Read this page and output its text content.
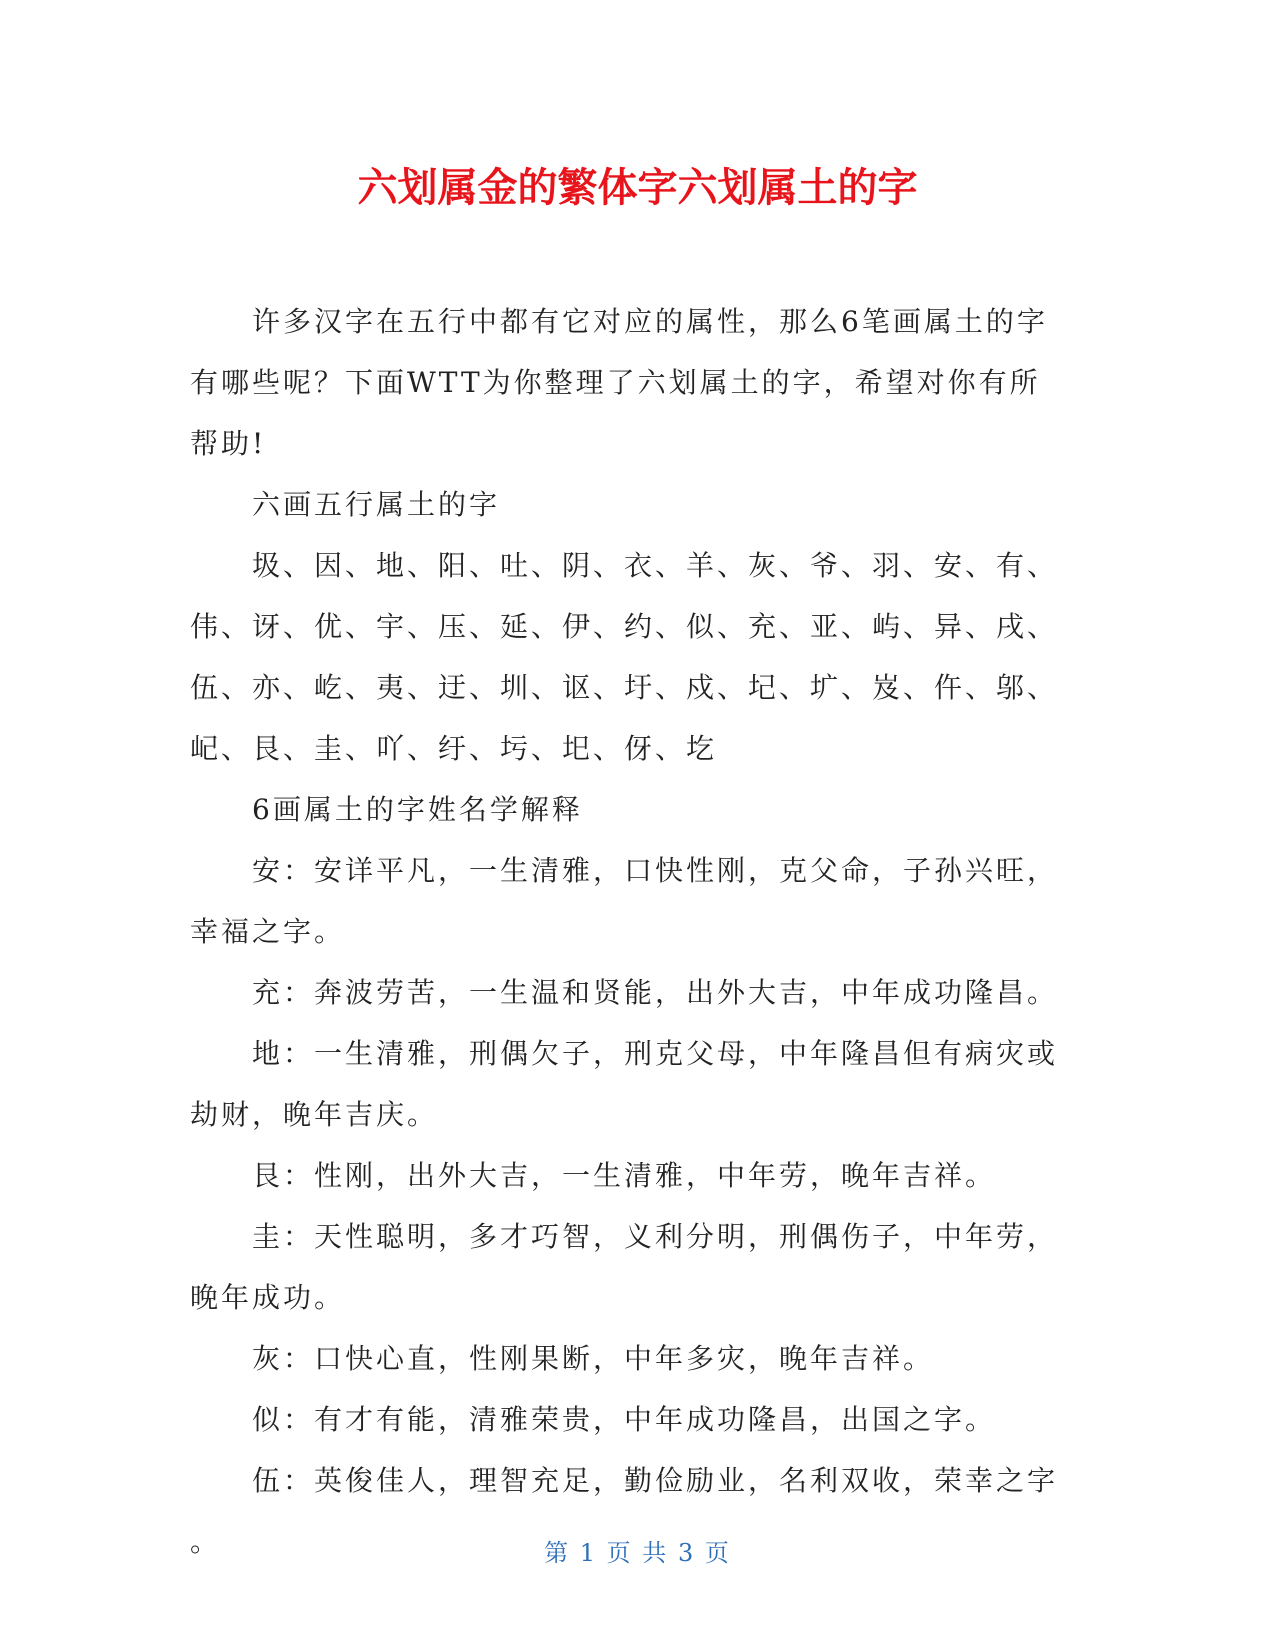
六划属金的繁体字六划属土的字

许多汉字在五行中都有它对应的属性，那么6笔画属土的字有哪些呢？下面WTT为你整理了六划属土的字，希望对你有所帮助!

六画五行属土的字

圾、因、地、阳、吐、阴、衣、羊、灰、爷、羽、安、有、伟、讶、优、宇、压、延、伊、约、似、充、亚、屿、异、戌、伍、亦、屹、夷、迂、圳、讴、圩、戍、圮、圹、岌、仵、邬、屺、艮、圭、吖、纡、圬、圯、伢、圪

6画属土的字姓名学解释

安：安详平凡，一生清雅，口快性刚，克父命，子孙兴旺，幸福之字。

充：奔波劳苦，一生温和贤能，出外大吉，中年成功隆昌。

地：一生清雅，刑偶欠子，刑克父母，中年隆昌但有病灾或劫财，晚年吉庆。

艮：性刚，出外大吉，一生清雅，中年劳，晚年吉祥。

圭：天性聪明，多才巧智，义利分明，刑偶伤子，中年劳，晚年成功。

灰：口快心直，性刚果断，中年多灾，晚年吉祥。

似：有才有能，清雅荣贵，中年成功隆昌，出国之字。

伍：英俊佳人，理智充足，勤俭励业，名利双收，荣幸之字

。	第 1 页 共 3 页
